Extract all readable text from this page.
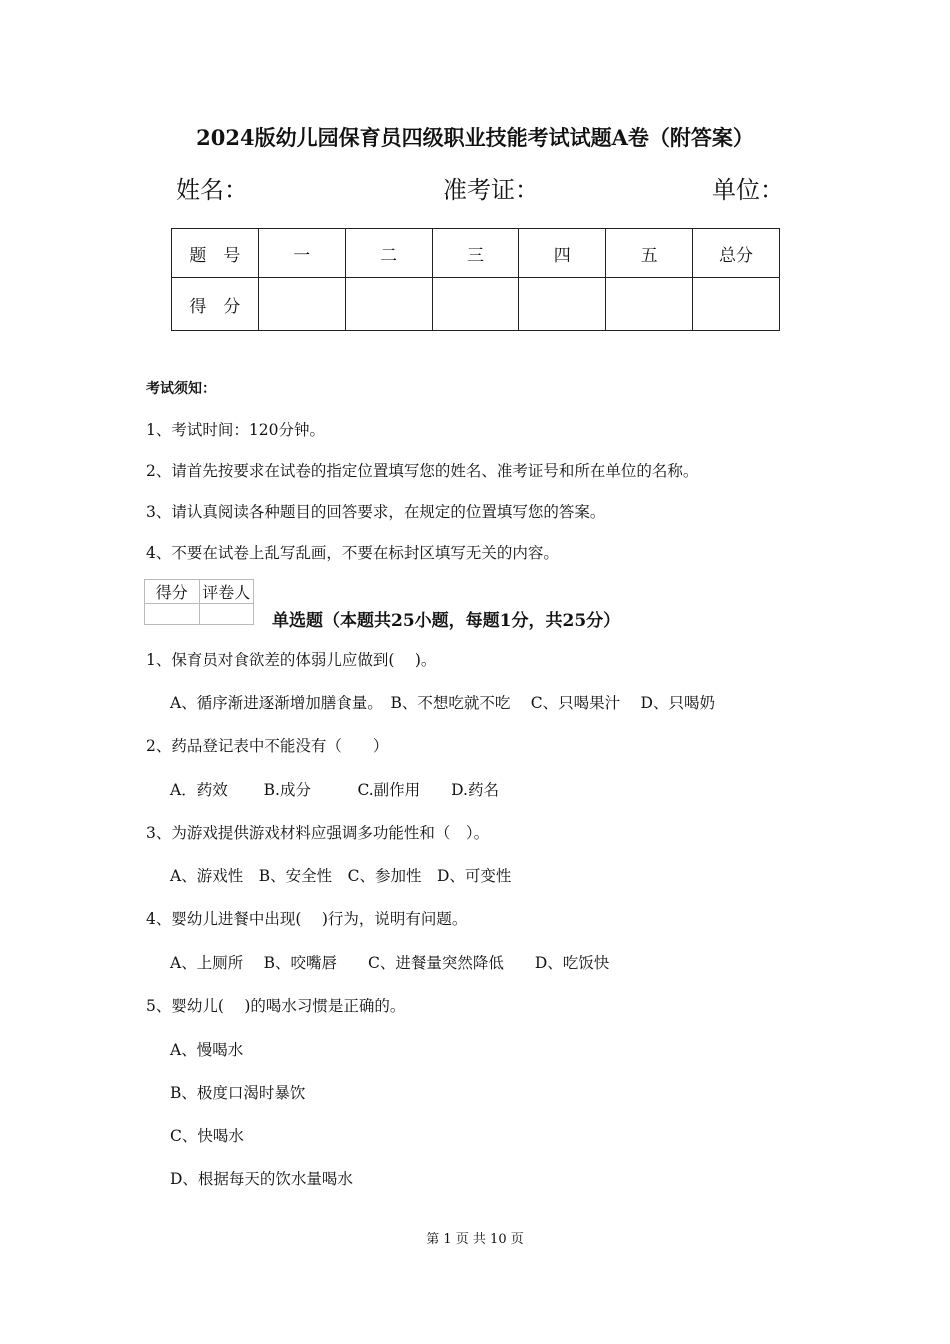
2024版幼儿园保育员四级职业技能考试试题A卷（附答案）
姓名：	准考证：	单位：
题　号	一	二	三	四	五	总分
得　分						
考试须知：
1、考试时间：120分钟。
2、请首先按要求在试卷的指定位置填写您的姓名、准考证号和所在单位的名称。
3、请认真阅读各种题目的回答要求，在规定的位置填写您的答案。
4、不要在试卷上乱写乱画，不要在标封区填写无关的内容。
得分	评卷人

单选题（本题共25小题，每题1分，共25分）
1、保育员对食欲差的体弱儿应做到(　 )。
A、循序渐进逐渐增加膳食量。　B、不想吃就不吃　 C、只喝果汁　 D、只喝奶
2、药品登记表中不能没有（　　）
A．药效　　 B.成分　　　C.副作用　　D.药名
3、为游戏提供游戏材料应强调多功能性和（　）。
A、游戏性　B、安全性　C、参加性　D、可变性
4、婴幼儿进餐中出现(　 )行为，说明有问题。
A、上厕所　 B、咬嘴唇　　C、进餐量突然降低　　D、吃饭快
5、婴幼儿(　 )的喝水习惯是正确的。
A、慢喝水
B、极度口渴时暴饮
C、快喝水
D、根据每天的饮水量喝水
第 1 页 共 10 页
